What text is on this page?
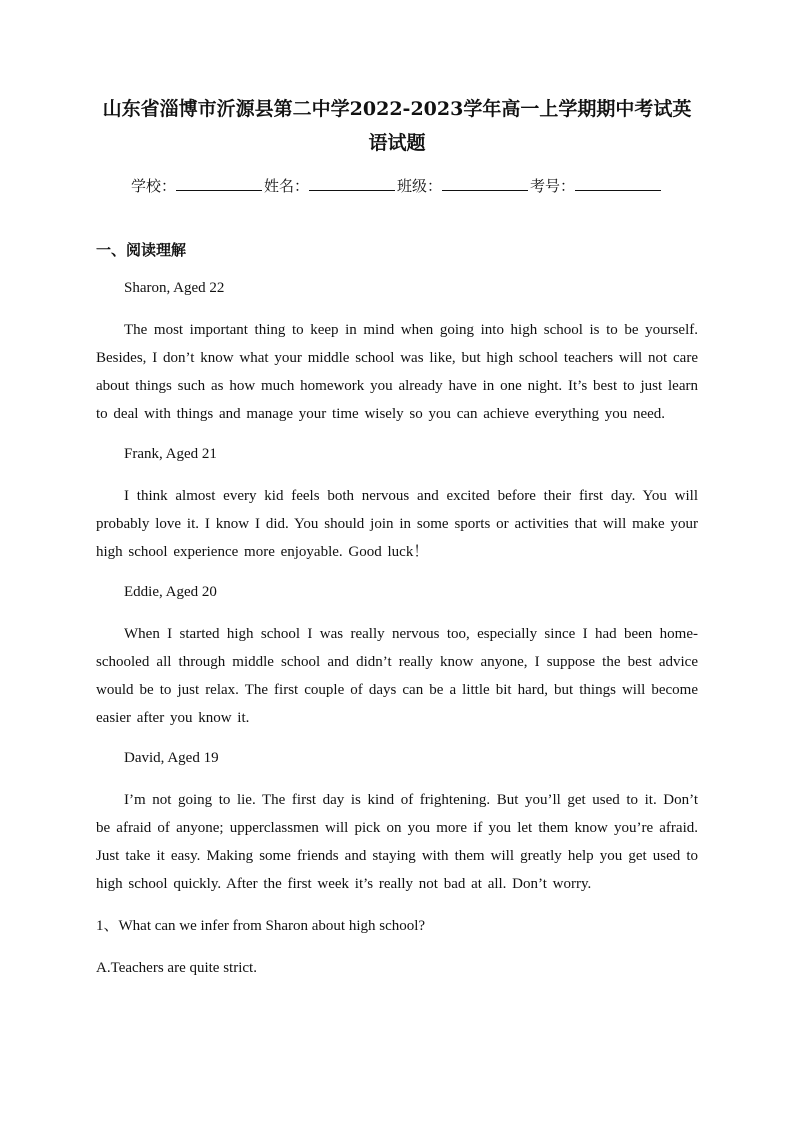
山东省淄博市沂源县第二中学2022-2023学年高一上学期期中考试英语试题
学校：	姓名：	班级：	考号：
一、阅读理解
Sharon, Aged 22
The most important thing to keep in mind when going into high school is to be yourself. Besides, I don’t know what your middle school was like, but high school teachers will not care about things such as how much homework you already have in one night. It’s best to just learn to deal with things and manage your time wisely so you can achieve everything you need.
Frank, Aged 21
I think almost every kid feels both nervous and excited before their first day. You will probably love it. I know I did. You should join in some sports or activities that will make your high school experience more enjoyable. Good luck！
Eddie, Aged 20
When I started high school I was really nervous too, especially since I had been home-schooled all through middle school and didn’t really know anyone, I suppose the best advice would be to just relax. The first couple of days can be a little bit hard, but things will become easier after you know it.
David, Aged 19
I’m not going to lie. The first day is kind of frightening. But you’ll get used to it. Don’t be afraid of anyone; upperclassmen will pick on you more if you let them know you’re afraid. Just take it easy. Making some friends and staying with them will greatly help you get used to high school quickly. After the first week it’s really not bad at all. Don’t worry.
1、What can we infer from Sharon about high school?
A.Teachers are quite strict.
